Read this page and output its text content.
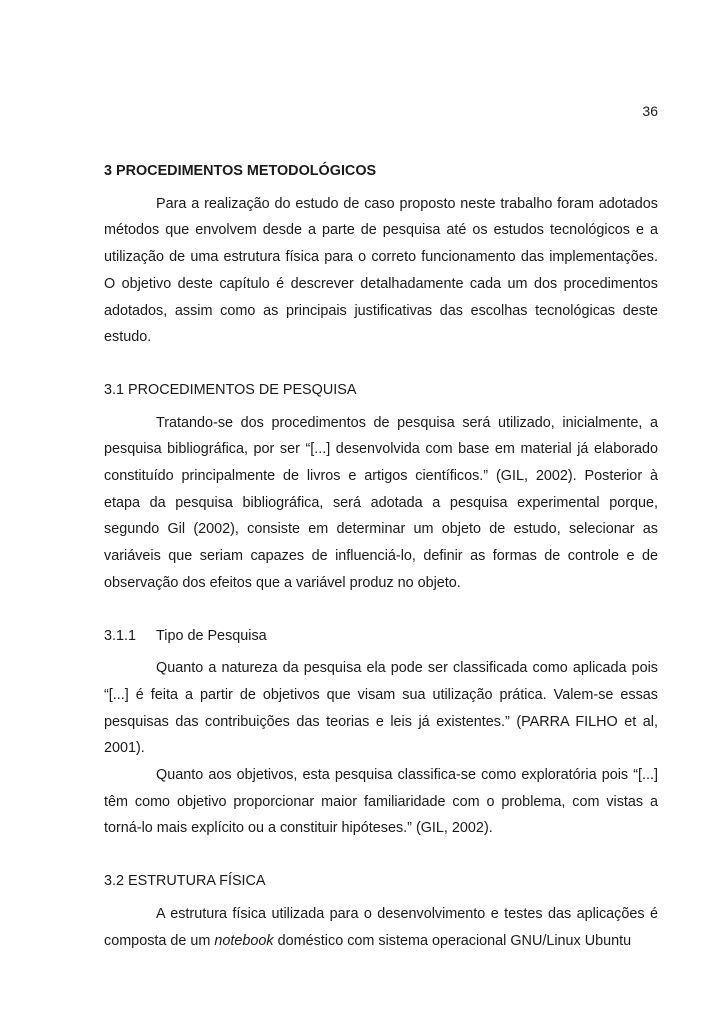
36
3 PROCEDIMENTOS METODOLÓGICOS

Para a realização do estudo de caso proposto neste trabalho foram adotados métodos que envolvem desde a parte de pesquisa até os estudos tecnológicos e a utilização de uma estrutura física para o correto funcionamento das implementações. O objetivo deste capítulo é descrever detalhadamente cada um dos procedimentos adotados, assim como as principais justificativas das escolhas tecnológicas deste estudo.

3.1 PROCEDIMENTOS DE PESQUISA

Tratando-se dos procedimentos de pesquisa será utilizado, inicialmente, a pesquisa bibliográfica, por ser “[...] desenvolvida com base em material já elaborado constituído principalmente de livros e artigos científicos.” (GIL, 2002). Posterior à etapa da pesquisa bibliográfica, será adotada a pesquisa experimental porque, segundo Gil (2002), consiste em determinar um objeto de estudo, selecionar as variáveis que seriam capazes de influenciá-lo, definir as formas de controle e de observação dos efeitos que a variável produz no objeto.

3.1.1 Tipo de Pesquisa

Quanto a natureza da pesquisa ela pode ser classificada como aplicada pois “[...] é feita a partir de objetivos que visam sua utilização prática. Valem-se essas pesquisas das contribuições das teorias e leis já existentes.” (PARRA FILHO et al, 2001).

Quanto aos objetivos, esta pesquisa classifica-se como exploratória pois “[...] têm como objetivo proporcionar maior familiaridade com o problema, com vistas a torná-lo mais explícito ou a constituir hipóteses.” (GIL, 2002).

3.2 ESTRUTURA FÍSICA

A estrutura física utilizada para o desenvolvimento e testes das aplicações é composta de um notebook doméstico com sistema operacional GNU/Linux Ubuntu
